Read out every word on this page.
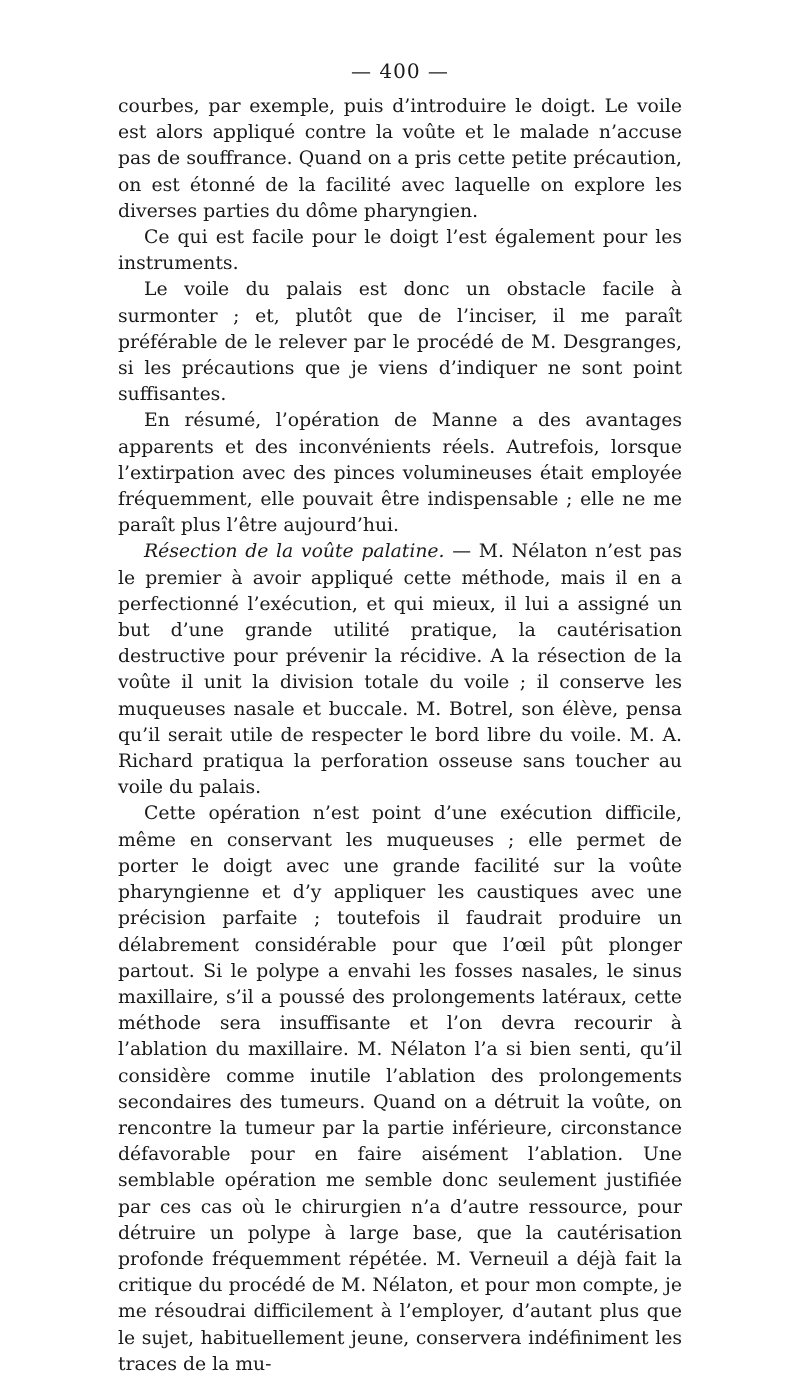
— 400 —

courbes, par exemple, puis d’introduire le doigt. Le voile est alors appliqué contre la voûte et le malade n’accuse pas de souffrance. Quand on a pris cette petite précaution, on est étonné de la facilité avec laquelle on explore les diverses parties du dôme pharyngien.

Ce qui est facile pour le doigt l’est également pour les instruments.

Le voile du palais est donc un obstacle facile à surmonter ; et, plutôt que de l’inciser, il me paraît préférable de le relever par le procédé de M. Desgranges, si les précautions que je viens d’indiquer ne sont point suffisantes.

En résumé, l’opération de Manne a des avantages apparents et des inconvénients réels. Autrefois, lorsque l’extirpation avec des pinces volumineuses était employée fréquemment, elle pouvait être indispensable ; elle ne me paraît plus l’être aujourd’hui.

Résection de la voûte palatine. — M. Nélaton n’est pas le premier à avoir appliqué cette méthode, mais il en a perfectionné l’exécution, et qui mieux, il lui a assigné un but d’une grande utilité pratique, la cautérisation destructive pour prévenir la récidive. A la résection de la voûte il unit la division totale du voile ; il conserve les muqueuses nasale et buccale. M. Botrel, son élève, pensa qu’il serait utile de respecter le bord libre du voile. M. A. Richard pratiqua la perforation osseuse sans toucher au voile du palais.

Cette opération n’est point d’une exécution difficile, même en conservant les muqueuses ; elle permet de porter le doigt avec une grande facilité sur la voûte pharyngienne et d’y appliquer les caustiques avec une précision parfaite ; toutefois il faudrait produire un délabrement considérable pour que l’œil pût plonger partout. Si le polype a envahi les fosses nasales, le sinus maxillaire, s’il a poussé des prolongements latéraux, cette méthode sera insuffisante et l’on devra recourir à l’ablation du maxillaire. M. Nélaton l’a si bien senti, qu’il considère comme inutile l’ablation des prolongements secondaires des tumeurs. Quand on a détruit la voûte, on rencontre la tumeur par la partie inférieure, circonstance défavorable pour en faire aisément l’ablation. Une semblable opération me semble donc seulement justifiée par ces cas où le chirurgien n’a d’autre ressource, pour détruire un polype à large base, que la cautérisation profonde fréquemment répétée. M. Verneuil a déjà fait la critique du procédé de M. Nélaton, et pour mon compte, je me résoudrai difficilement à l’employer, d’autant plus que le sujet, habituellement jeune, conservera indéfiniment les traces de la mu-
